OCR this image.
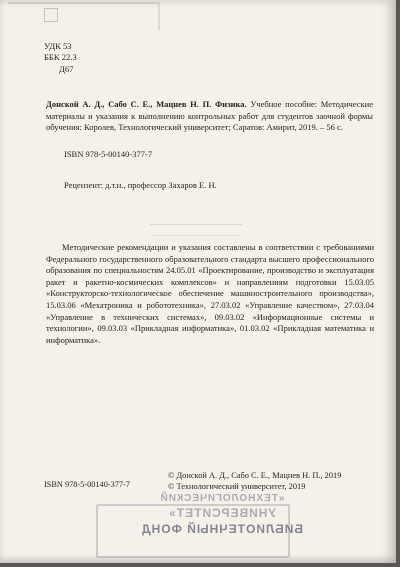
УДК 53
ББК 22.3
Д67
Донской А. Д., Сабо С. Е., Мацнев Н. П. Физика. Учебное пособие: Методические материалы и указания к выполнению контрольных работ для студентов заочной формы обучения: Королев, Технологический университет; Саратов: Амирит, 2019. – 56 с.
ISBN 978-5-00140-377-7
Рецензент: д.т.н., профессор Захаров Е. Н.
Методические рекомендации и указания составлены в соответствии с требованиями Федерального государственного образовательного стандарта высшего профессионального образования по специальностям 24.05.01 «Проектирование, производство и эксплуатация ракет и ракетно-космических комплексов» и направлениям подготовки 15.03.05 «Конструкторско-технологическое обеспечение машиностроительного производства», 15.03.06 «Мехатроника и робототехника», 27.03.02 «Управление качеством», 27.03.04 «Управление в технических системах», 09.03.02 «Информационные системы и технологии», 09.03.03 «Прикладная информатика», 01.03.02 «Прикладная математика и информатика».
© Донской А. Д., Сабо С. Е., Мацнев Н. П., 2019
© Технологический университет, 2019
ISBN 978-5-00140-377-7
«ТЕХНОЛОГИЧЕСКИЙ
УНИВЕРСИТЕТ»
БИБЛИОТЕЧНЫЙ ФОНД
